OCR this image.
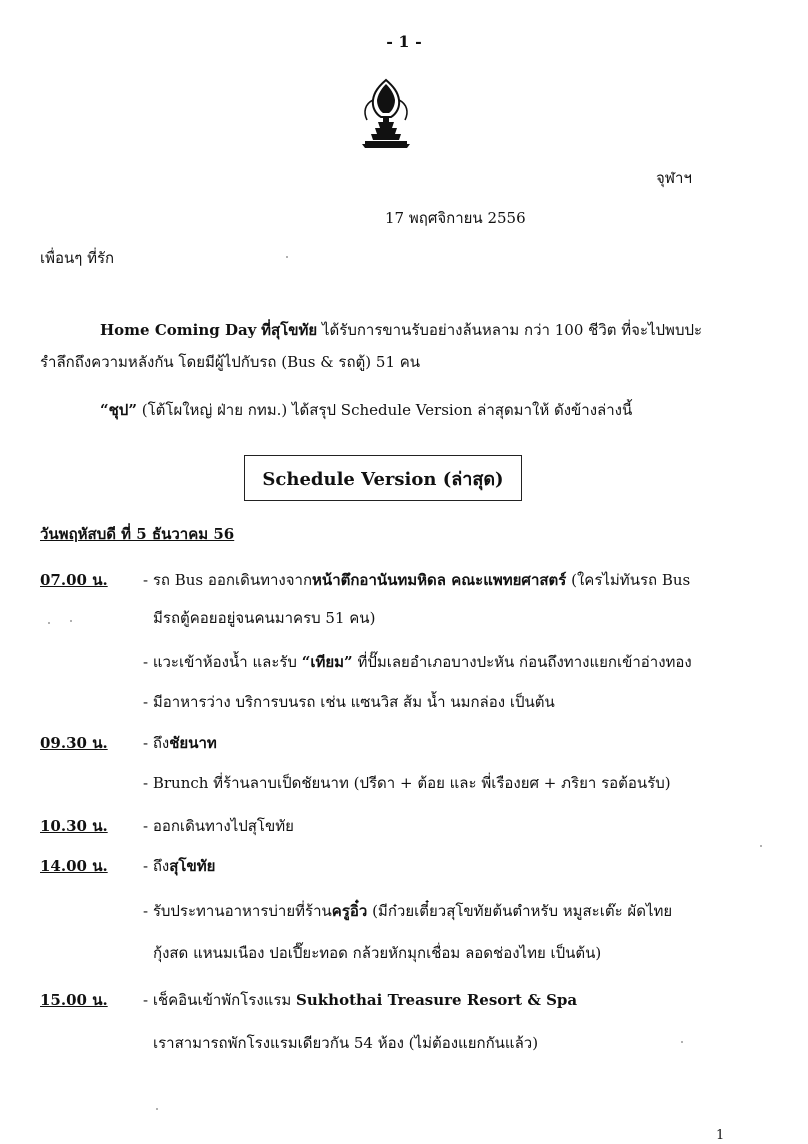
- 1 -
จุฬาฯ
17 พฤศจิกายน 2556
เพื่อนๆ ที่รัก
Home Coming Day ที่สุโขทัย ได้รับการขานรับอย่างล้นหลาม กว่า 100 ชีวิต ที่จะไปพบปะ
รำลึกถึงความหลังกัน โดยมีผู้ไปกับรถ (Bus & รถตู้) 51 คน
“ชุป” (โต้โผใหญ่ ฝ่าย กทม.) ได้สรุป Schedule Version ล่าสุดมาให้ ดังข้างล่างนี้
Schedule Version (ล่าสุด)
วันพฤหัสบดี ที่ 5 ธันวาคม 56
07.00 น. - รถ Bus ออกเดินทางจากหน้าตึกอานันทมหิดล คณะแพทยศาสตร์ (ใครไม่ทันรถ Bus
มีรถตู้คอยอยู่จนคนมาครบ 51 คน)
- แวะเข้าห้องน้ำ และรับ “เทียม” ที่ปั๊มเลยอำเภอบางปะหัน ก่อนถึงทางแยกเข้าอ่างทอง
- มีอาหารว่าง บริการบนรถ เช่น แซนวิส ส้ม น้ำ นมกล่อง เป็นต้น
09.30 น. - ถึงชัยนาท
- Brunch ที่ร้านลาบเป็ดชัยนาท (ปรีดา + ต้อย และ พี่เรืองยศ + ภริยา รอต้อนรับ)
10.30 น. - ออกเดินทางไปสุโขทัย
14.00 น. - ถึงสุโขทัย
- รับประทานอาหารบ่ายที่ร้านครูอิ๋ว (มีก๋วยเตี๋ยวสุโขทัยต้นตำหรับ หมูสะเต๊ะ ผัดไทย
กุ้งสด แหนมเนือง ปอเปี๊ยะทอด กล้วยหักมุกเชื่อม ลอดช่องไทย เป็นต้น)
15.00 น. - เช็คอินเข้าพักโรงแรม Sukhothai Treasure Resort & Spa
เราสามารถพักโรงแรมเดียวกัน 54 ห้อง (ไม่ต้องแยกกันแล้ว)
1
